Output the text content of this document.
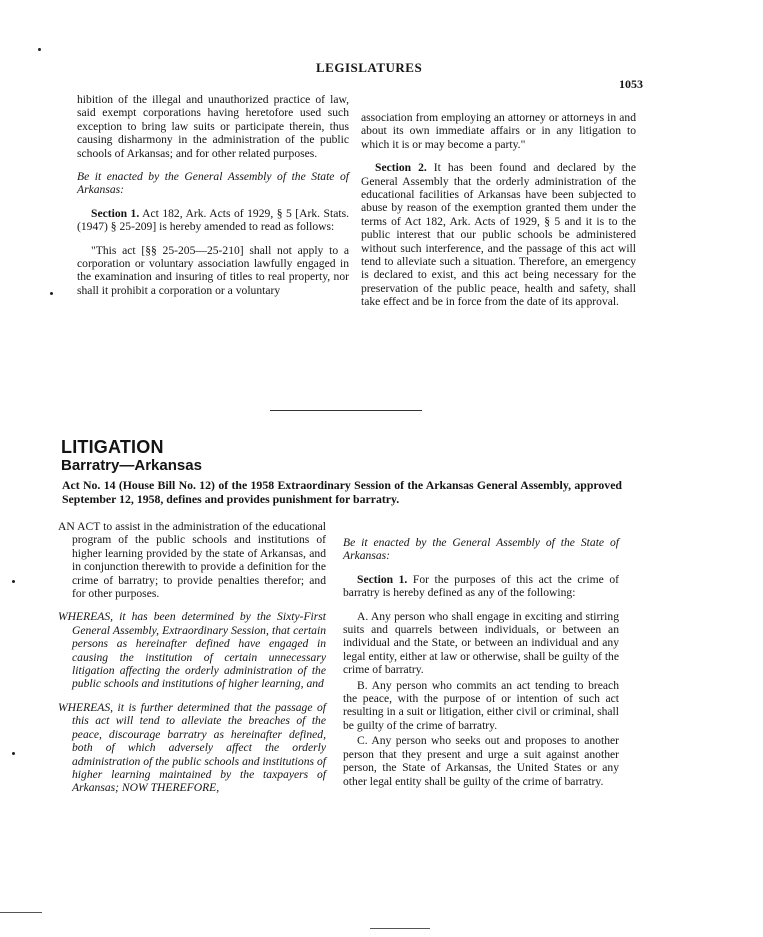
LEGISLATURES
1053

hibition of the illegal and unauthorized practice of law, said exempt corporations having heretofore used such exception to bring law suits or participate therein, thus causing disharmony in the administration of the public schools of Arkansas; and for other related purposes.

Be it enacted by the General Assembly of the State of Arkansas:

Section 1. Act 182, Ark. Acts of 1929, § 5 [Ark. Stats. (1947) § 25-209] is hereby amended to read as follows:

"This act [§§ 25-205—25-210] shall not apply to a corporation or voluntary association lawfully engaged in the examination and insuring of titles to real property, nor shall it prohibit a corporation or a voluntary

association from employing an attorney or attorneys in and about its own immediate affairs or in any litigation to which it is or may become a party."

Section 2. It has been found and declared by the General Assembly that the orderly administration of the educational facilities of Arkansas have been subjected to abuse by reason of the exemption granted them under the terms of Act 182, Ark. Acts of 1929, § 5 and it is to the public interest that our public schools be administered without such interference, and the passage of this act will tend to alleviate such a situation. Therefore, an emergency is declared to exist, and this act being necessary for the preservation of the public peace, health and safety, shall take effect and be in force from the date of its approval.

LITIGATION
Barratry—Arkansas
Act No. 14 (House Bill No. 12) of the 1958 Extraordinary Session of the Arkansas General Assembly, approved September 12, 1958, defines and provides punishment for barratry.

AN ACT to assist in the administration of the educational program of the public schools and institutions of higher learning provided by the state of Arkansas, and in conjunction therewith to provide a definition for the crime of barratry; to provide penalties therefor; and for other purposes.

WHEREAS, it has been determined by the Sixty-First General Assembly, Extraordinary Session, that certain persons as hereinafter defined have engaged in causing the institution of certain unnecessary litigation affecting the orderly administration of the public schools and institutions of higher learning, and

WHEREAS, it is further determined that the passage of this act will tend to alleviate the breaches of the peace, discourage barratry as hereinafter defined, both of which adversely affect the orderly administration of the public schools and institutions of higher learning maintained by the taxpayers of Arkansas; NOW THEREFORE,

Be it enacted by the General Assembly of the State of Arkansas:

Section 1. For the purposes of this act the crime of barratry is hereby defined as any of the following:

A. Any person who shall engage in exciting and stirring suits and quarrels between individuals, or between an individual and the State, or between an individual and any legal entity, either at law or otherwise, shall be guilty of the crime of barratry.

B. Any person who commits an act tending to breach the peace, with the purpose of or intention of such act resulting in a suit or litigation, either civil or criminal, shall be guilty of the crime of barratry.

C. Any person who seeks out and proposes to another person that they present and urge a suit against another person, the State of Arkansas, the United States or any other legal entity shall be guilty of the crime of barratry.
